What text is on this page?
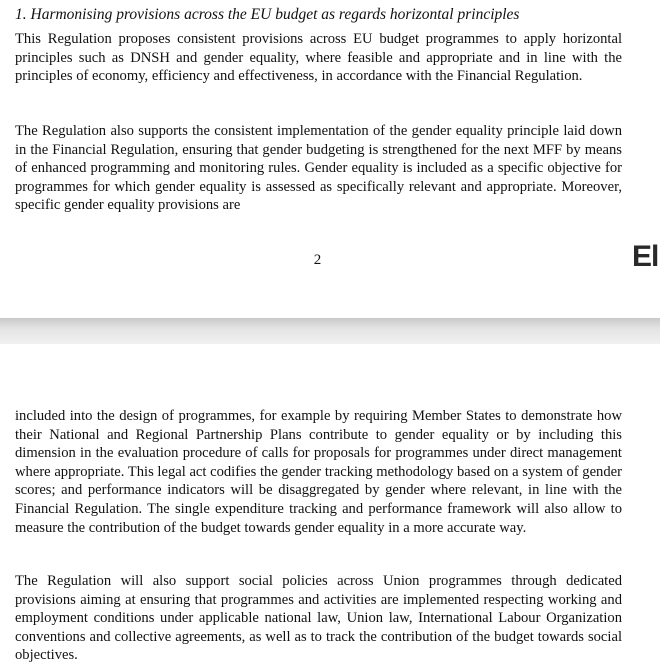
1. Harmonising provisions across the EU budget as regards horizontal principles

This Regulation proposes consistent provisions across EU budget programmes to apply horizontal principles such as DNSH and gender equality, where feasible and appropriate and in line with the principles of economy, efficiency and effectiveness, in accordance with the Financial Regulation.

The Regulation also supports the consistent implementation of the gender equality principle laid down in the Financial Regulation, ensuring that gender budgeting is strengthened for the next MFF by means of enhanced programming and monitoring rules. Gender equality is included as a specific objective for programmes for which gender equality is assessed as specifically relevant and appropriate. Moreover, specific gender equality provisions are

2	El

included into the design of programmes, for example by requiring Member States to demonstrate how their National and Regional Partnership Plans contribute to gender equality or by including this dimension in the evaluation procedure of calls for proposals for programmes under direct management where appropriate. This legal act codifies the gender tracking methodology based on a system of gender scores; and performance indicators will be disaggregated by gender where relevant, in line with the Financial Regulation. The single expenditure tracking and performance framework will also allow to measure the contribution of the budget towards gender equality in a more accurate way.

The Regulation will also support social policies across Union programmes through dedicated provisions aiming at ensuring that programmes and activities are implemented respecting working and employment conditions under applicable national law, Union law, International Labour Organization conventions and collective agreements, as well as to track the contribution of the budget towards social objectives.
